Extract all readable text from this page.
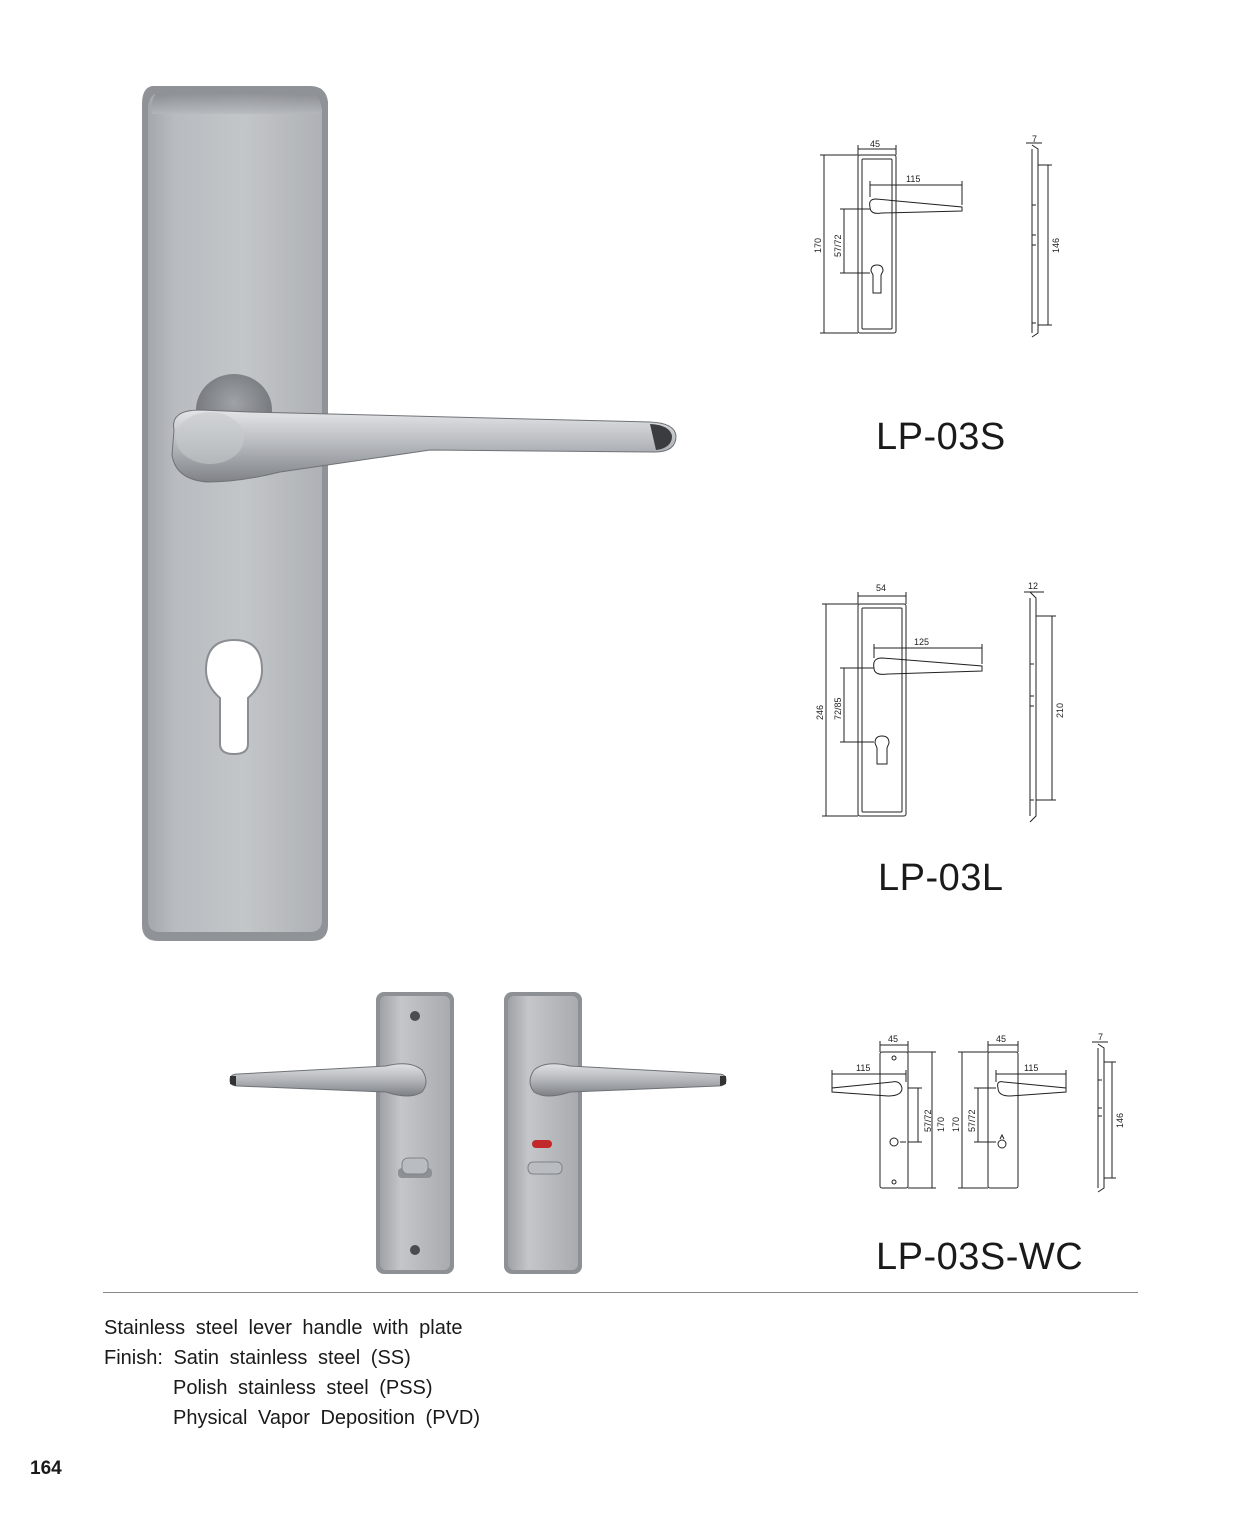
45
115
170 57/72
7
146
LP-03S
54
125
246 72/85
12
210
LP-03L
45
115
57/72 170
45
115
170 57/72
7
146
LP-03S-WC
Stainless steel lever handle with plate
Finish: Satin stainless steel (SS)
Polish stainless steel (PSS)
Physical Vapor Deposition (PVD)
164
